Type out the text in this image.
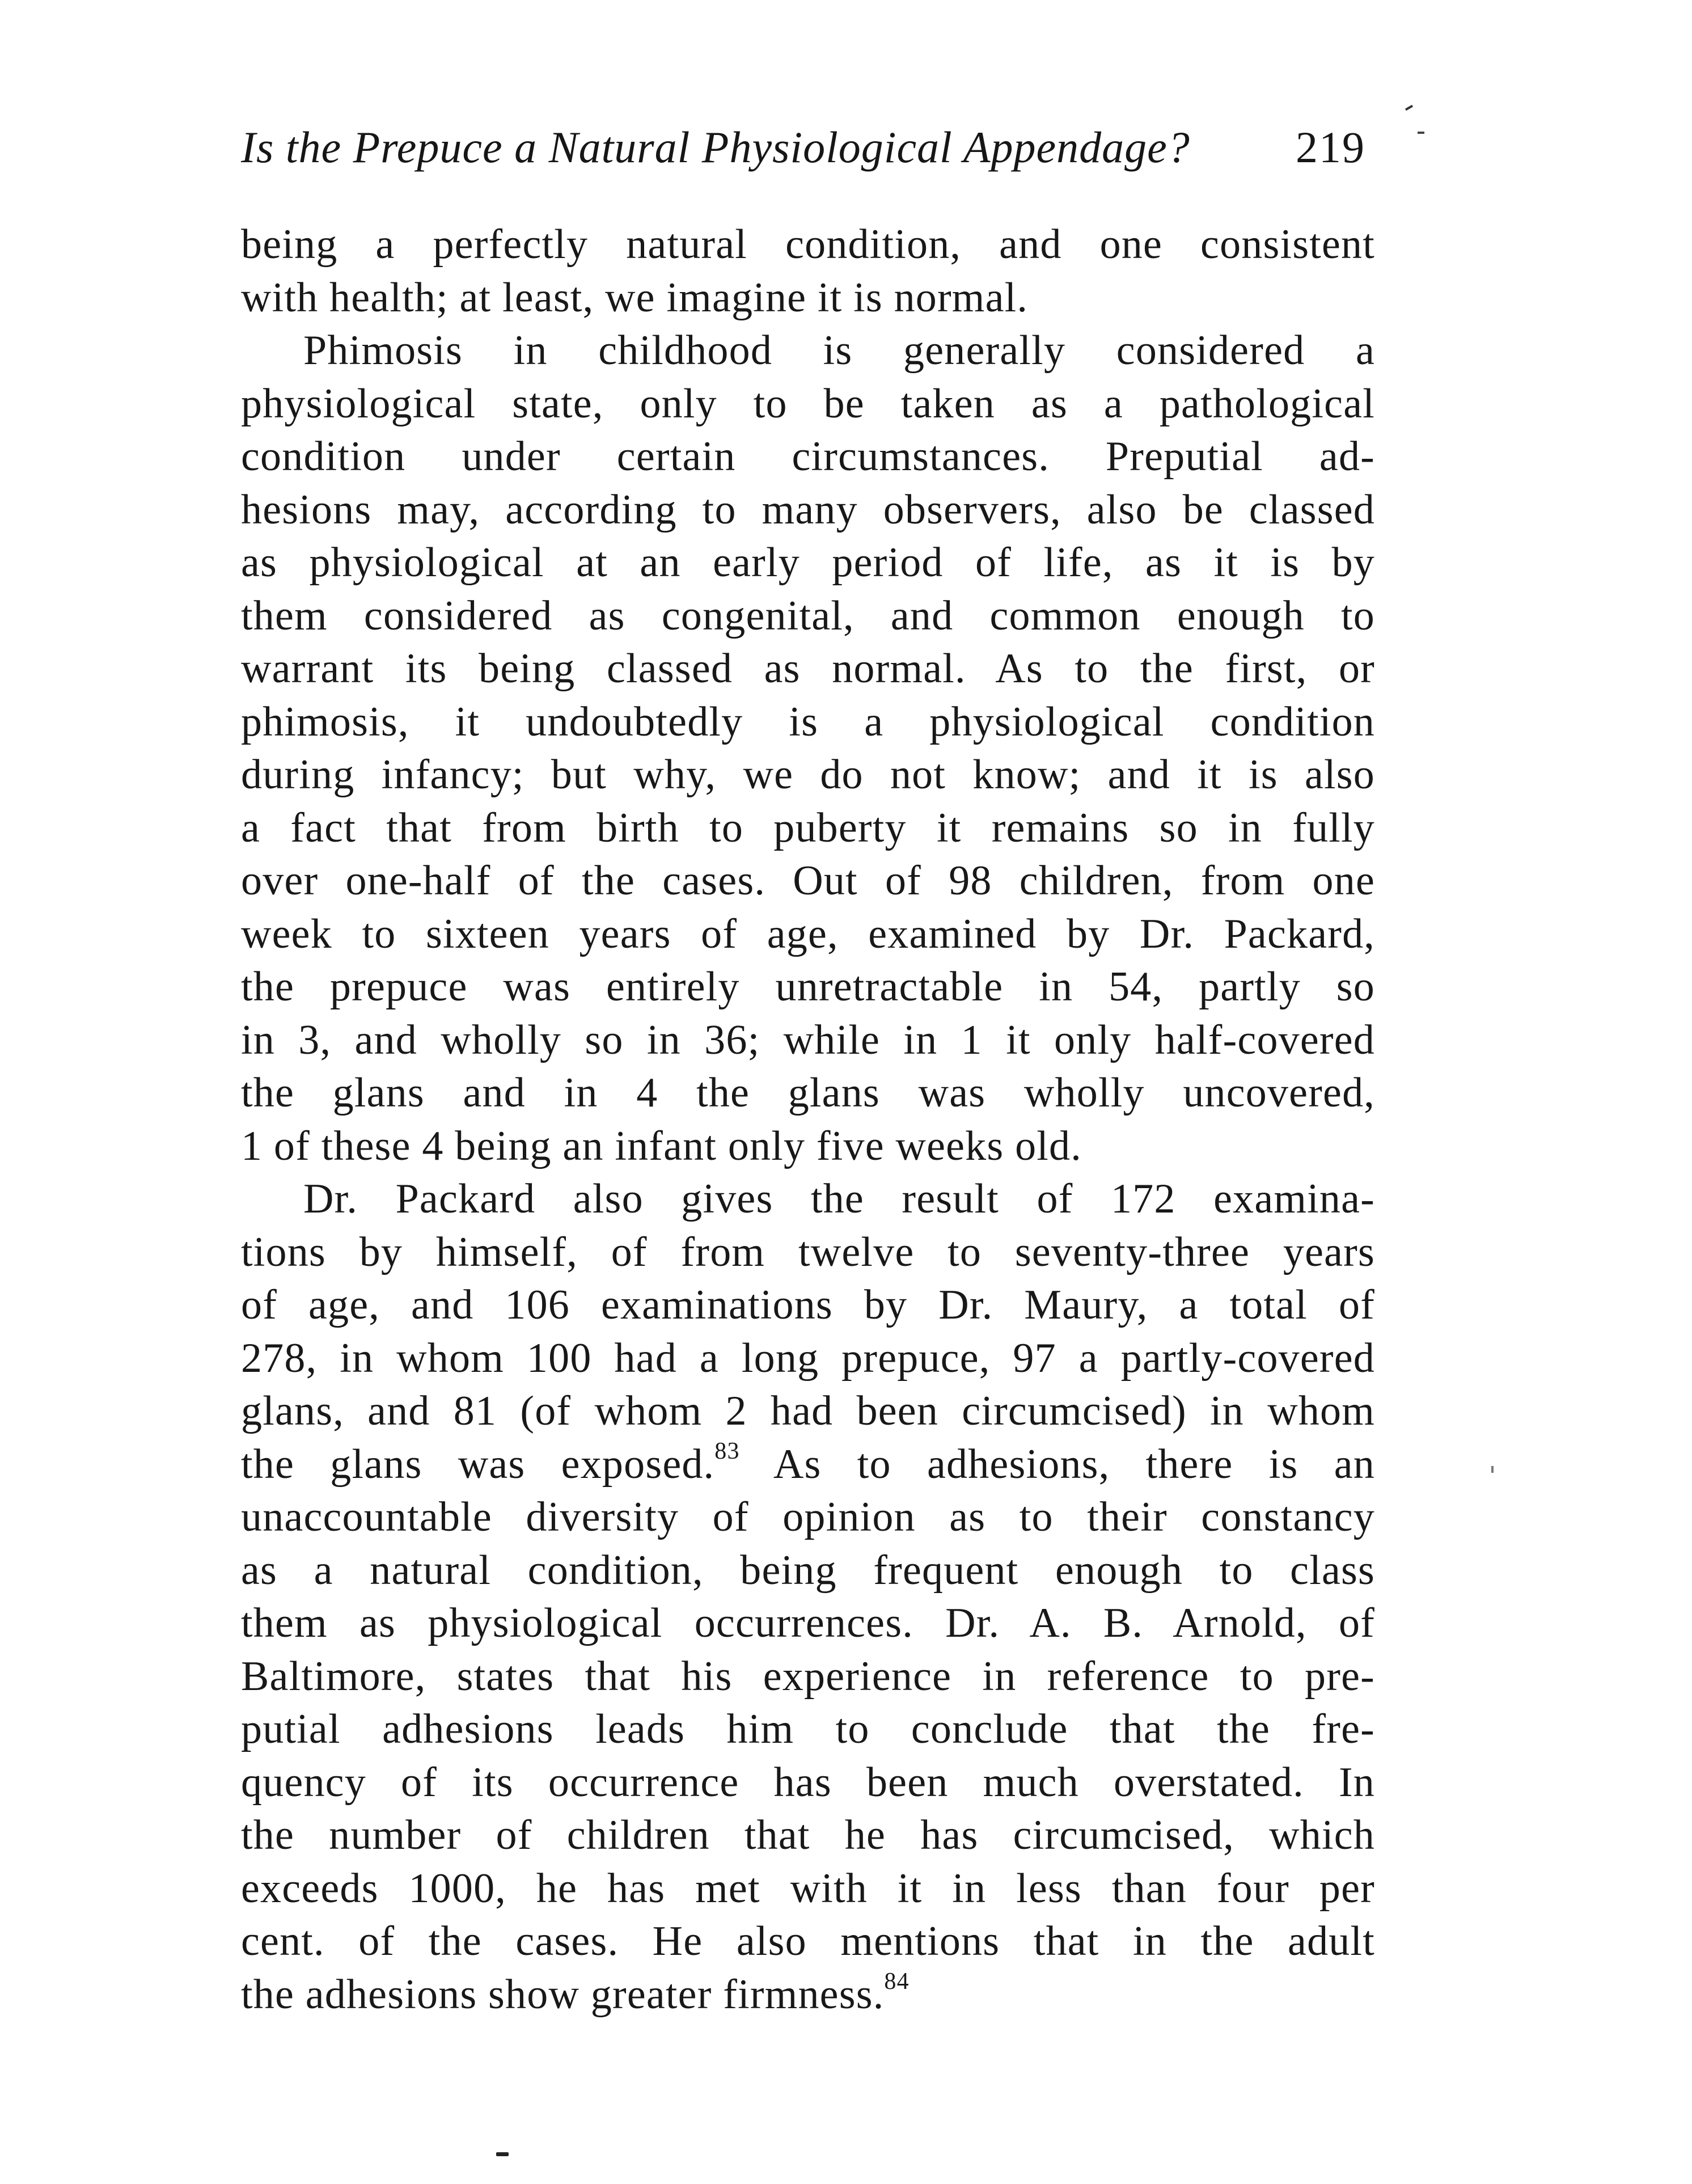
Is the Prepuce a Natural Physiological Appendage? 219

being a perfectly natural condition, and one consistent
with health; at least, we imagine it is normal.

Phimosis in childhood is generally considered a
physiological state, only to be taken as a pathological
condition under certain circumstances. Preputial ad-
hesions may, according to many observers, also be classed
as physiological at an early period of life, as it is by
them considered as congenital, and common enough to
warrant its being classed as normal. As to the first, or
phimosis, it undoubtedly is a physiological condition
during infancy; but why, we do not know; and it is also
a fact that from birth to puberty it remains so in fully
over one-half of the cases. Out of 98 children, from one
week to sixteen years of age, examined by Dr. Packard,
the prepuce was entirely unretractable in 54, partly so
in 3, and wholly so in 36; while in 1 it only half-covered
the glans and in 4 the glans was wholly uncovered,
1 of these 4 being an infant only five weeks old.

Dr. Packard also gives the result of 172 examina-
tions by himself, of from twelve to seventy-three years
of age, and 106 examinations by Dr. Maury, a total of
278, in whom 100 had a long prepuce, 97 a partly-covered
glans, and 81 (of whom 2 had been circumcised) in whom
the glans was exposed.$^{83}$ As to adhesions, there is an
unaccountable diversity of opinion as to their constancy
as a natural condition, being frequent enough to class
them as physiological occurrences. Dr. A. B. Arnold, of
Baltimore, states that his experience in reference to pre-
putial adhesions leads him to conclude that the fre-
quency of its occurrence has been much overstated. In
the number of children that he has circumcised, which
exceeds 1000, he has met with it in less than four per
cent. of the cases. He also mentions that in the adult
the adhesions show greater firmness.$^{84}$
